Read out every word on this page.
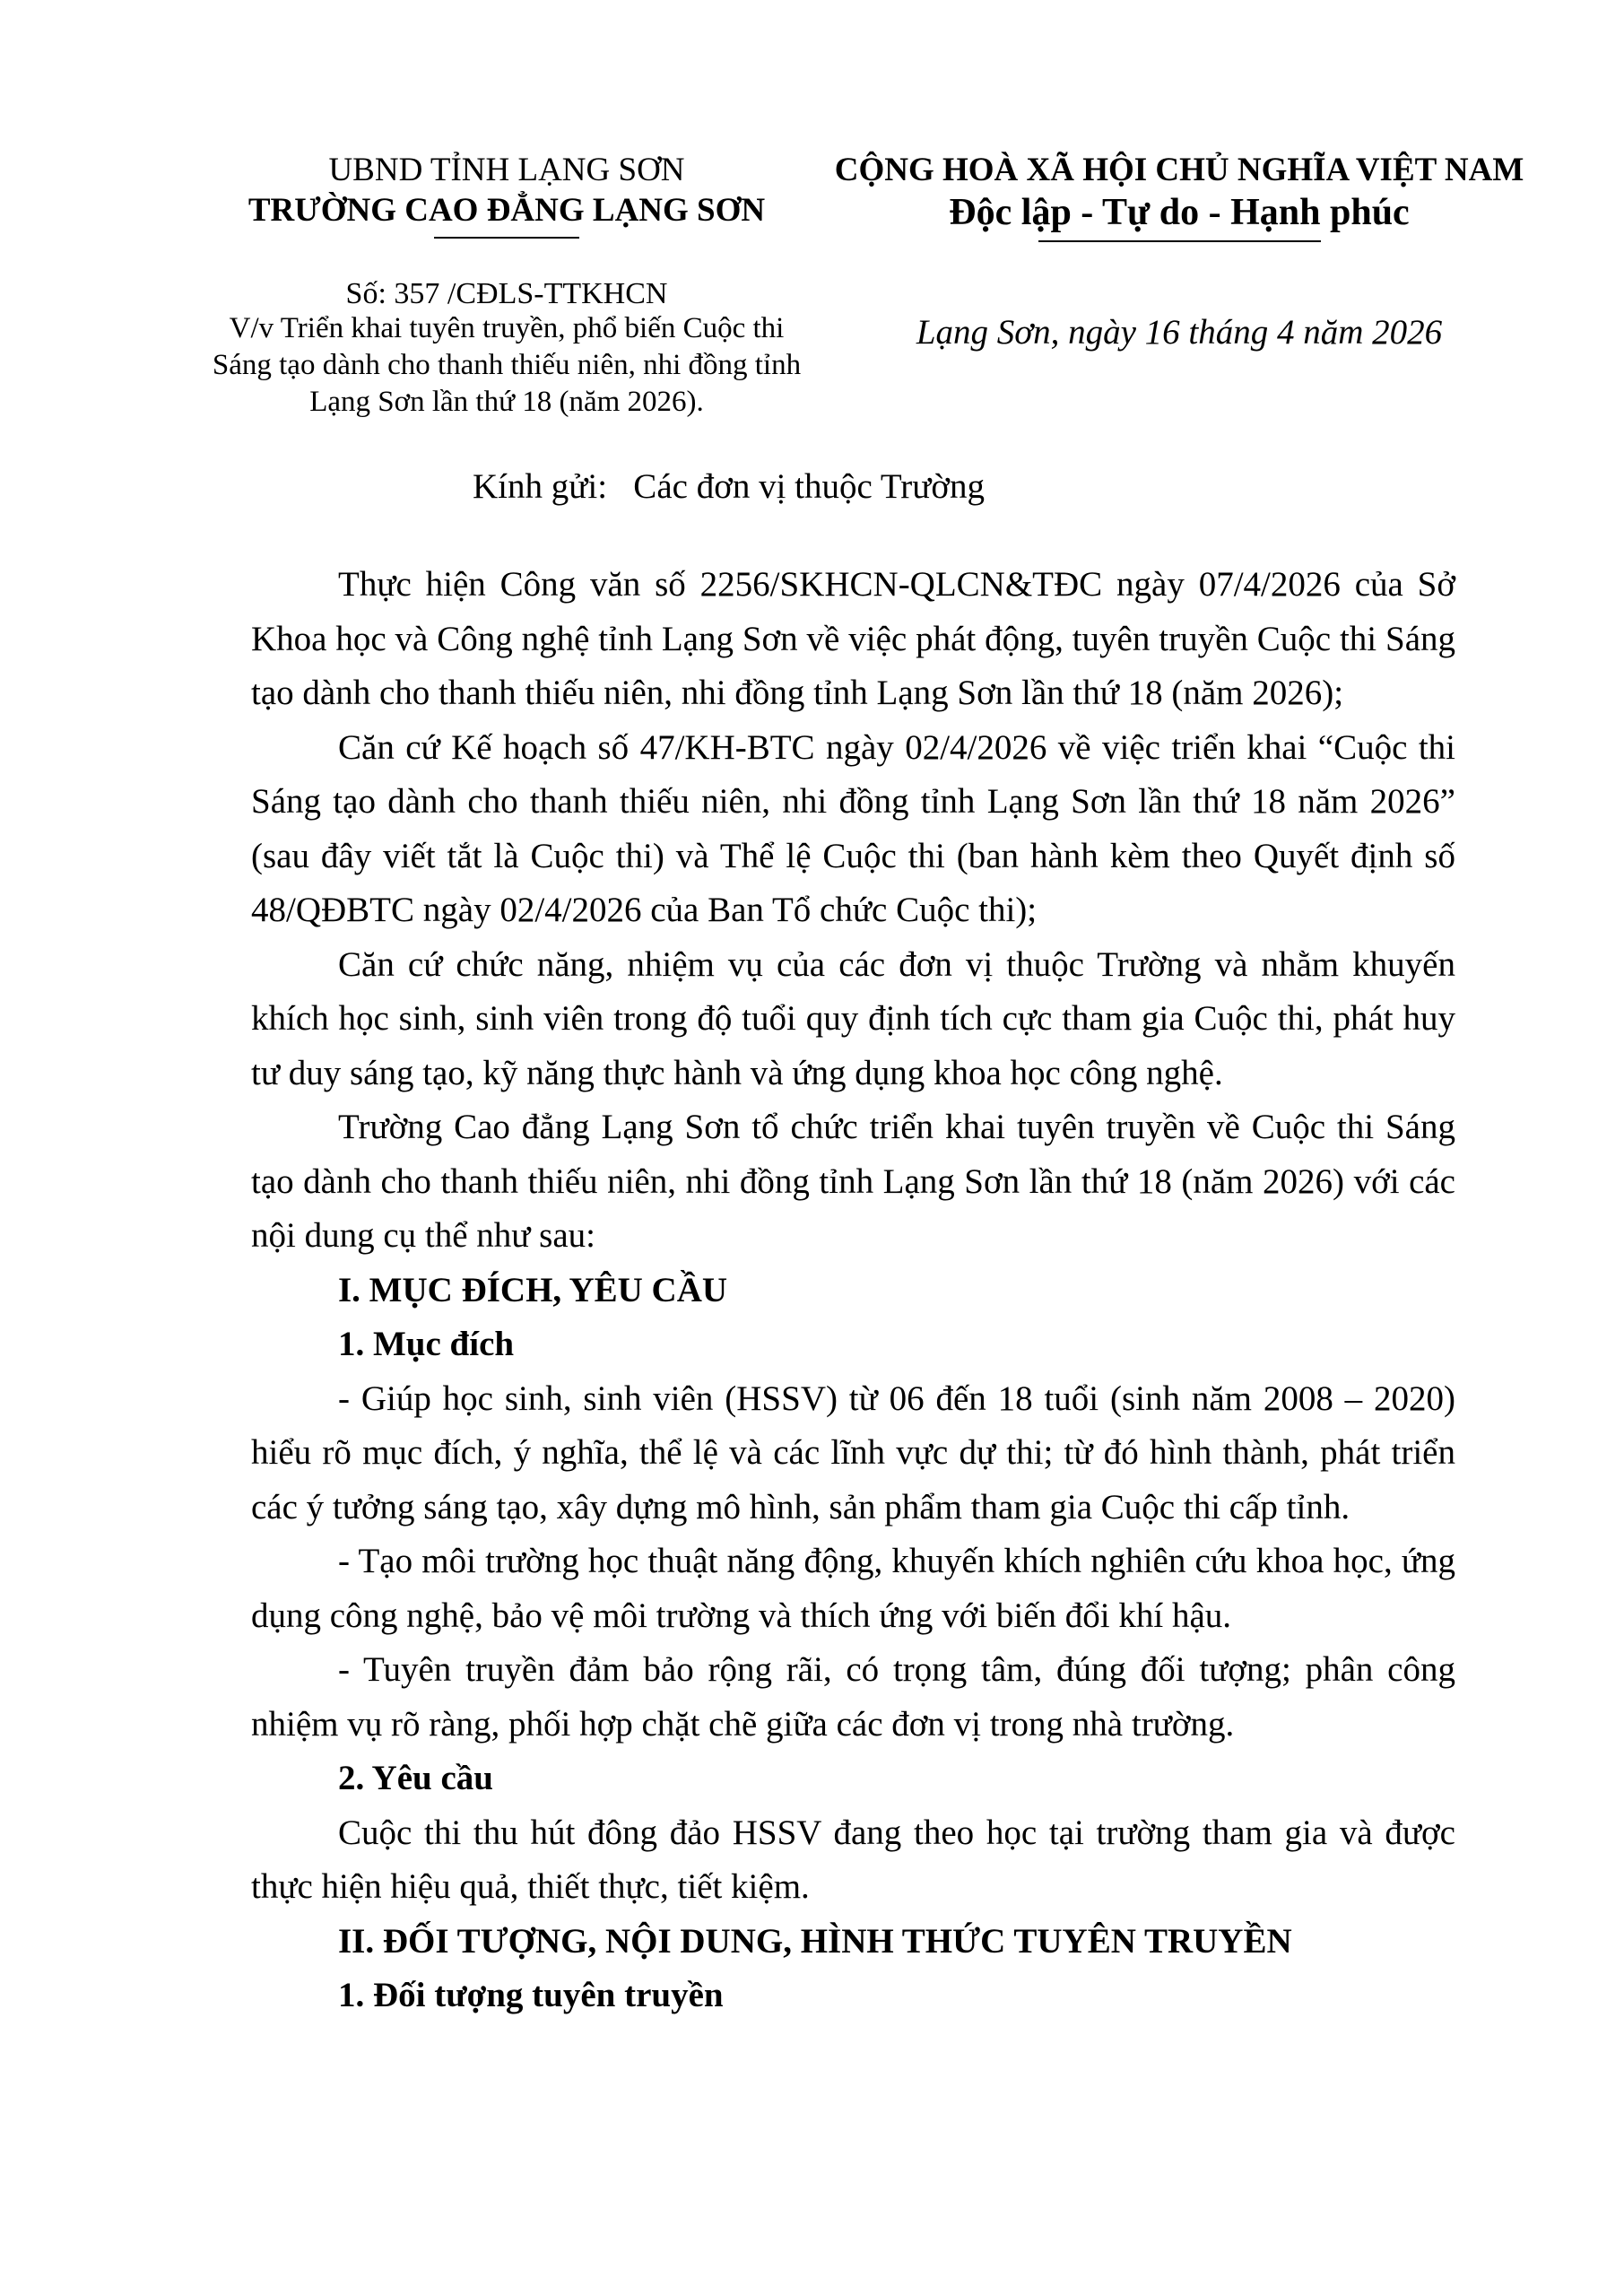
UBND TỈNH LẠNG SƠN
TRƯỜNG CAO ĐẲNG LẠNG SƠN
CỘNG HOÀ XÃ HỘI CHỦ NGHĨA VIỆT NAM
Độc lập - Tự do - Hạnh phúc
Số: 357 /CĐLS-TTKHCN
V/v Triển khai tuyên truyền, phổ biến Cuộc thi Sáng tạo dành cho thanh thiếu niên, nhi đồng tỉnh Lạng Sơn lần thứ 18 (năm 2026).
Lạng Sơn, ngày 16 tháng 4 năm 2026
Kính gửi:   Các đơn vị thuộc Trường

Thực hiện Công văn số 2256/SKHCN-QLCN&TĐC ngày 07/4/2026 của Sở Khoa học và Công nghệ tỉnh Lạng Sơn về việc phát động, tuyên truyền Cuộc thi Sáng tạo dành cho thanh thiếu niên, nhi đồng tỉnh Lạng Sơn lần thứ 18 (năm 2026);

Căn cứ Kế hoạch số 47/KH-BTC ngày 02/4/2026 về việc triển khai “Cuộc thi Sáng tạo dành cho thanh thiếu niên, nhi đồng tỉnh Lạng Sơn lần thứ 18 năm 2026” (sau đây viết tắt là Cuộc thi) và Thể lệ Cuộc thi (ban hành kèm theo Quyết định số 48/QĐBTC ngày 02/4/2026 của Ban Tổ chức Cuộc thi);

Căn cứ chức năng, nhiệm vụ của các đơn vị thuộc Trường và nhằm khuyến khích học sinh, sinh viên trong độ tuổi quy định tích cực tham gia Cuộc thi, phát huy tư duy sáng tạo, kỹ năng thực hành và ứng dụng khoa học công nghệ.

Trường Cao đẳng Lạng Sơn tổ chức triển khai tuyên truyền về Cuộc thi Sáng tạo dành cho thanh thiếu niên, nhi đồng tỉnh Lạng Sơn lần thứ 18 (năm 2026) với các nội dung cụ thể như sau:

I. MỤC ĐÍCH, YÊU CẦU
1. Mục đích

- Giúp học sinh, sinh viên (HSSV) từ 06 đến 18 tuổi (sinh năm 2008 – 2020) hiểu rõ mục đích, ý nghĩa, thể lệ và các lĩnh vực dự thi; từ đó hình thành, phát triển các ý tưởng sáng tạo, xây dựng mô hình, sản phẩm tham gia Cuộc thi cấp tỉnh.

- Tạo môi trường học thuật năng động, khuyến khích nghiên cứu khoa học, ứng dụng công nghệ, bảo vệ môi trường và thích ứng với biến đổi khí hậu.

- Tuyên truyền đảm bảo rộng rãi, có trọng tâm, đúng đối tượng; phân công nhiệm vụ rõ ràng, phối hợp chặt chẽ giữa các đơn vị trong nhà trường.

2. Yêu cầu

Cuộc thi thu hút đông đảo HSSV đang theo học tại trường tham gia và được thực hiện hiệu quả, thiết thực, tiết kiệm.

II. ĐỐI TƯỢNG, NỘI DUNG, HÌNH THỨC TUYÊN TRUYỀN
1. Đối tượng tuyên truyền
